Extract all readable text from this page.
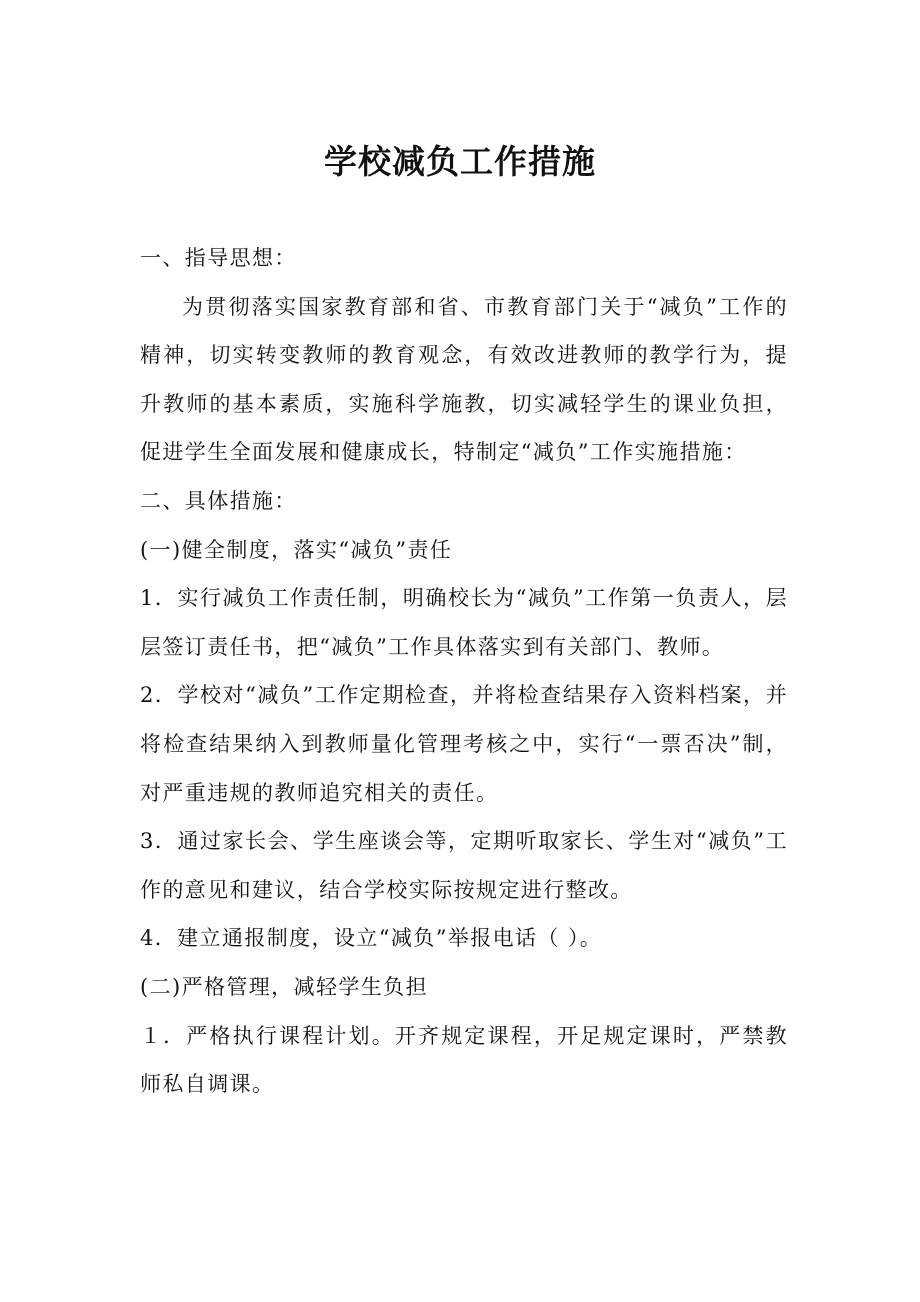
学校减负工作措施

一、指导思想：

为贯彻落实国家教育部和省、市教育部门关于“减负”工作的精神，切实转变教师的教育观念，有效改进教师的教学行为，提升教师的基本素质，实施科学施教，切实减轻学生的课业负担，促进学生全面发展和健康成长，特制定“减负”工作实施措施：

二、具体措施：

(一)健全制度，落实“减负”责任

1．实行减负工作责任制，明确校长为“减负”工作第一负责人，层层签订责任书，把“减负”工作具体落实到有关部门、教师。

2．学校对“减负”工作定期检查，并将检查结果存入资料档案，并将检查结果纳入到教师量化管理考核之中，实行“一票否决”制，对严重违规的教师追究相关的责任。

3．通过家长会、学生座谈会等，定期听取家长、学生对“减负”工作的意见和建议，结合学校实际按规定进行整改。

4．建立通报制度，设立“减负”举报电话（ ）。

(二)严格管理，减轻学生负担

１．严格执行课程计划。开齐规定课程，开足规定课时，严禁教师私自调课。
